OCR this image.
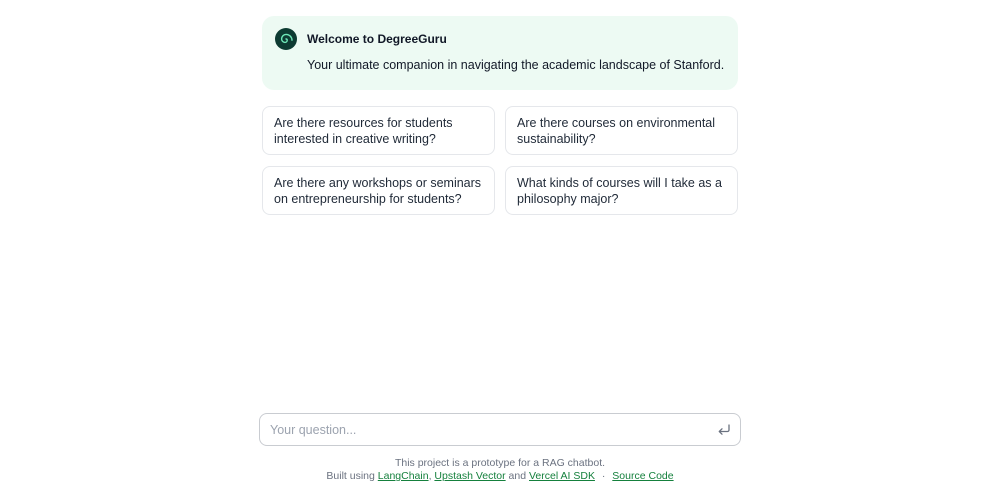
Welcome to DegreeGuru
Your ultimate companion in navigating the academic landscape of Stanford.
Are there resources for students interested in creative writing?
Are there courses on environmental sustainability?
Are there any workshops or seminars on entrepreneurship for students?
What kinds of courses will I take as a philosophy major?
Your question...
This project is a prototype for a RAG chatbot.
Built using LangChain, Upstash Vector and Vercel AI SDK · Source Code
